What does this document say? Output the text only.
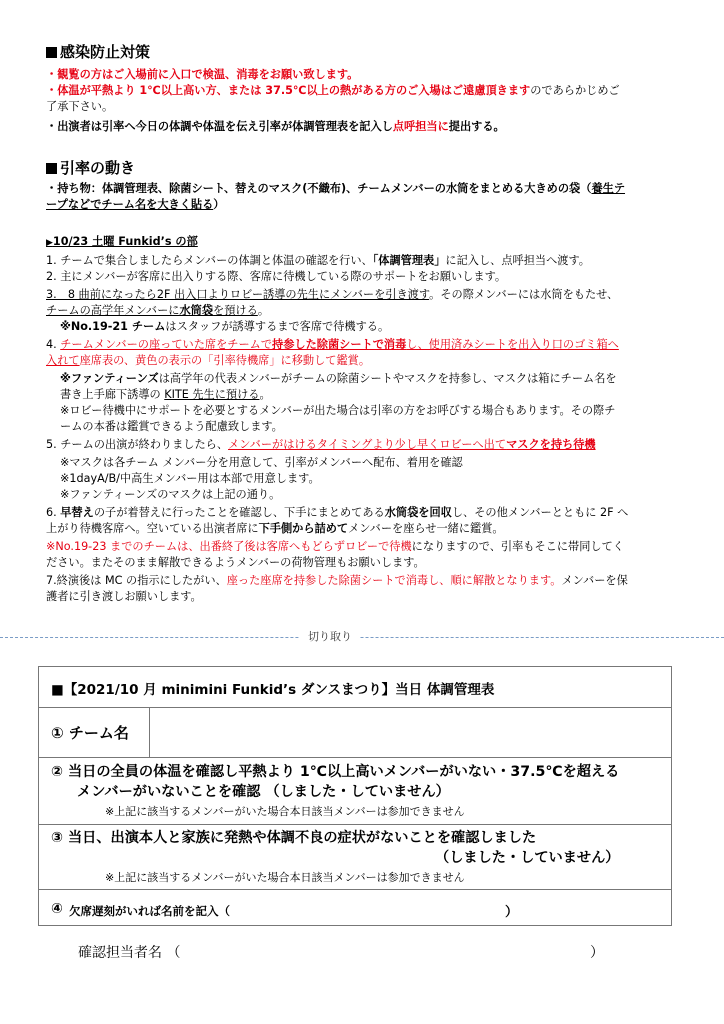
感染防止対策
・観覧の方はご入場前に入口で検温、消毒をお願い致します。
・体温が平熱より 1℃以上高い方、または 37.5℃以上の熱がある方のご入場はご遠慮頂きますのであらかじめご
了承下さい。
・出演者は引率へ今日の体調や体温を伝え引率が体調管理表を記入し点呼担当に提出する。
引率の動き
・持ち物：体調管理表、除菌シート、替えのマスク(不織布)、チームメンバーの水筒をまとめる大きめの袋（養生テ
ープなどでチーム名を大きく貼る）
▶10/23 土曜 Funkid’s の部
1. チームで集合しましたらメンバーの体調と体温の確認を行い、「体調管理表」に記入し、点呼担当へ渡す。
2. 主にメンバーが客席に出入りする際、客席に待機している際のサポートをお願いします。
3.　8 曲前になったら2F 出入口よりロビー誘導の先生にメンバーを引き渡す。その際メンバーには水筒をもたせ、
チームの高学年メンバーに水筒袋を預ける。
※No.19-21 チームはスタッフが誘導するまで客席で待機する。
4. チームメンバーの座っていた席をチームで持参した除菌シートで消毒し、使用済みシートを出入り口のゴミ箱へ
入れて座席表の、黄色の表示の「引率待機席」に移動して鑑賞。
※ファンティーンズは高学年の代表メンバーがチームの除菌シートやマスクを持参し、マスクは箱にチーム名を
書き上手廊下誘導の KITE 先生に預ける。
※ロビー待機中にサポートを必要とするメンバーが出た場合は引率の方をお呼びする場合もあります。その際チ
ームの本番は鑑賞できるよう配慮致します。
5. チームの出演が終わりましたら、メンバーがはけるタイミングより少し早くロビーへ出てマスクを持ち待機
※マスクは各チーム メンバー分を用意して、引率がメンバーへ配布、着用を確認
※1dayA/B/中高生メンバー用は本部で用意します。
※ファンティーンズのマスクは上記の通り。
6. 早替えの子が着替えに行ったことを確認し、下手にまとめてある水筒袋を回収し、その他メンバーとともに 2F へ
上がり待機客席へ。空いている出演者席に下手側から詰めてメンバーを座らせ一緒に鑑賞。
※No.19-23 までのチームは、出番終了後は客席へもどらずロビーで待機になりますので、引率もそこに帯同してく
ださい。またそのまま解散できるようメンバーの荷物管理もお願いします。
7.終演後は MC の指示にしたがい、座った座席を持参した除菌シートで消毒し、順に解散となります。メンバーを保
護者に引き渡しお願いします。
切り取り
■【2021/10 月 minimini Funkid’s ダンスまつり】当日 体調管理表
① チーム名
② 当日の全員の体温を確認し平熱より 1℃以上高いメンバーがいない・37.5℃を超える
メンバーがいないことを確認 （しました・していません）
※上記に該当するメンバーがいた場合本日該当メンバーは参加できません
③ 当日、出演本人と家族に発熱や体調不良の症状がないことを確認しました
（しました・していません）
※上記に該当するメンバーがいた場合本日該当メンバーは参加できません
④ 欠席遅刻がいれば名前を記入（	）
確認担当者名 （	）
